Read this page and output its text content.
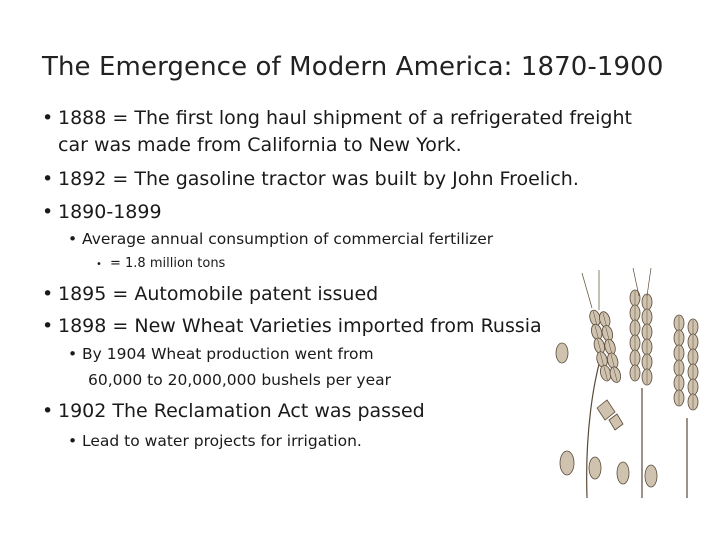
The Emergence of Modern America: 1870-1900
• 1888 = The first long haul shipment of a refrigerated freight
car was made from California to New York.
• 1892 = The gasoline tractor was built by John Froelich.
• 1890-1899
• Average annual consumption of commercial fertilizer
• = 1.8 million tons
• 1895 = Automobile patent issued
• 1898 = New Wheat Varieties imported from Russia
• By 1904 Wheat production went from
60,000 to 20,000,000 bushels per year
• 1902 The Reclamation Act was passed
• Lead to water projects for irrigation.
